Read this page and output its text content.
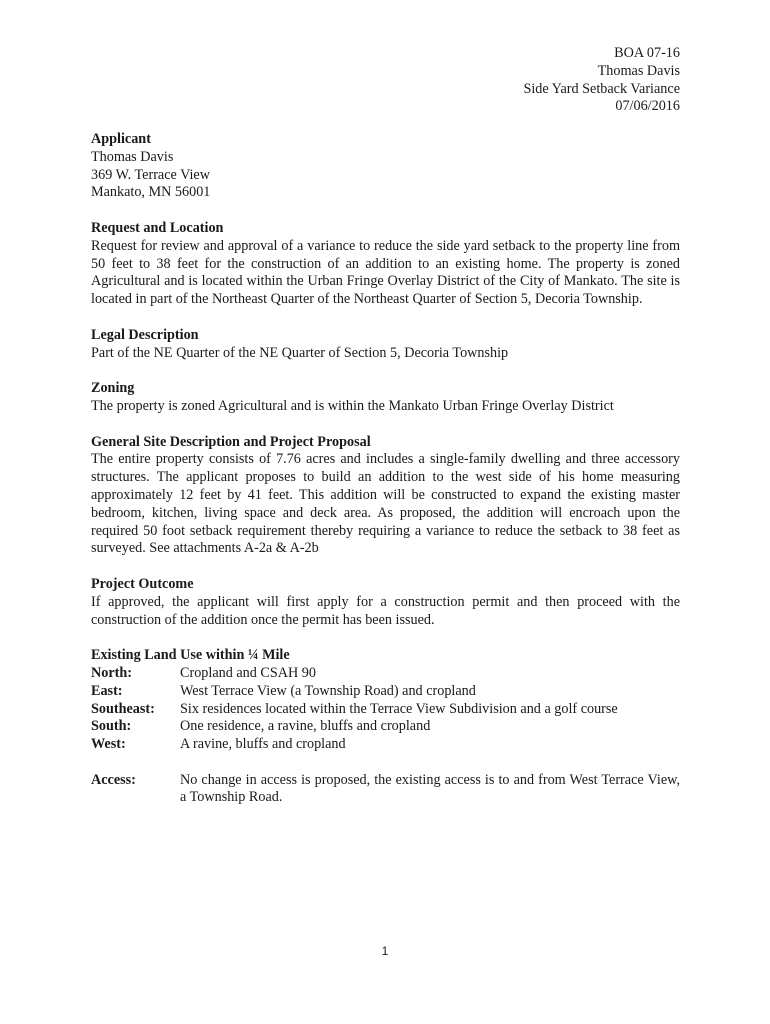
BOA 07-16
Thomas Davis
Side Yard Setback Variance
07/06/2016
Applicant
Thomas Davis
369 W. Terrace View
Mankato, MN 56001
Request and Location
Request for review and approval of a variance to reduce the side yard setback to the property line from 50 feet to 38 feet for the construction of an addition to an existing home. The property is zoned Agricultural and is located within the Urban Fringe Overlay District of the City of Mankato. The site is located in part of the Northeast Quarter of the Northeast Quarter of Section 5, Decoria Township.
Legal Description
Part of the NE Quarter of the NE Quarter of Section 5, Decoria Township
Zoning
The property is zoned Agricultural and is within the Mankato Urban Fringe Overlay District
General Site Description and Project Proposal
The entire property consists of 7.76 acres and includes a single-family dwelling and three accessory structures. The applicant proposes to build an addition to the west side of his home measuring approximately 12 feet by 41 feet. This addition will be constructed to expand the existing master bedroom, kitchen, living space and deck area. As proposed, the addition will encroach upon the required 50 foot setback requirement thereby requiring a variance to reduce the setback to 38 feet as surveyed. See attachments A-2a & A-2b
Project Outcome
If approved, the applicant will first apply for a construction permit and then proceed with the construction of the addition once the permit has been issued.
Existing Land Use within ¼ Mile
North:	Cropland and CSAH 90
East:	West Terrace View (a Township Road) and cropland
Southeast:	Six residences located within the Terrace View Subdivision and a golf course
South:	One residence, a ravine, bluffs and cropland
West:	A ravine, bluffs and cropland
Access:	No change in access is proposed, the existing access is to and from West Terrace View, a Township Road.
1
